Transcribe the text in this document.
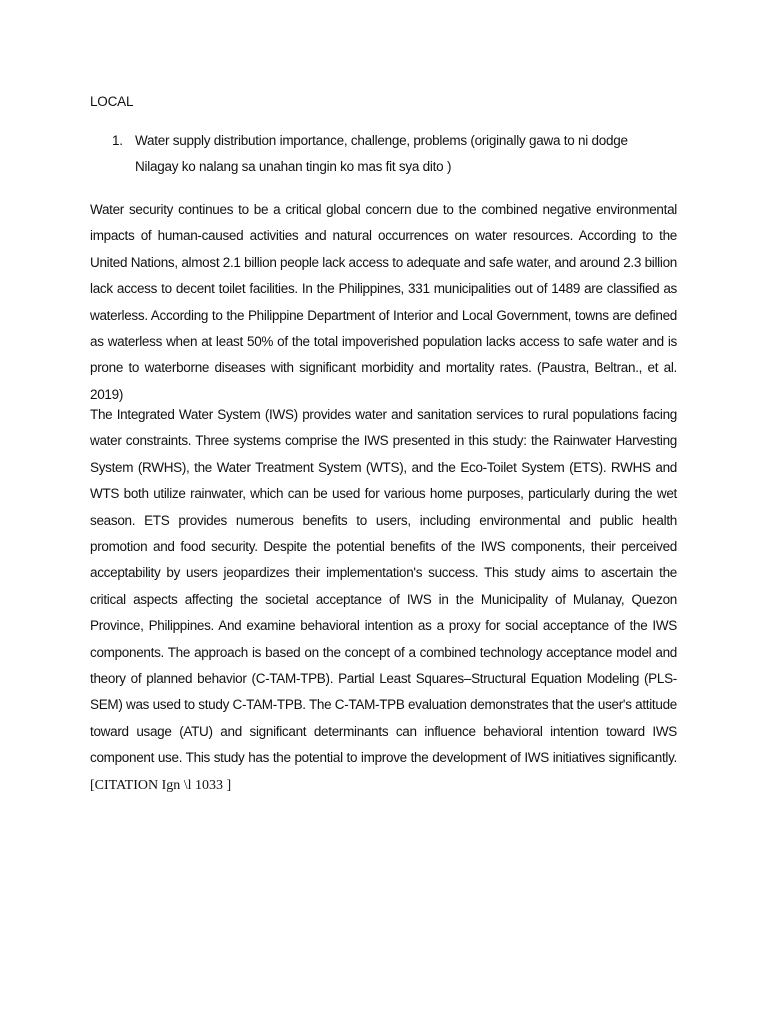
LOCAL
1. Water supply distribution importance, challenge, problems (originally gawa to ni dodge
Nilagay ko nalang sa unahan tingin ko mas fit sya dito )

Water security continues to be a critical global concern due to the combined negative environmental impacts of human-caused activities and natural occurrences on water resources. According to the United Nations, almost 2.1 billion people lack access to adequate and safe water, and around 2.3 billion lack access to decent toilet facilities. In the Philippines, 331 municipalities out of 1489 are classified as waterless. According to the Philippine Department of Interior and Local Government, towns are defined as waterless when at least 50% of the total impoverished population lacks access to safe water and is prone to waterborne diseases with significant morbidity and mortality rates. (Paustra, Beltran., et al. 2019)

The Integrated Water System (IWS) provides water and sanitation services to rural populations facing water constraints. Three systems comprise the IWS presented in this study: the Rainwater Harvesting System (RWHS), the Water Treatment System (WTS), and the Eco-Toilet System (ETS). RWHS and WTS both utilize rainwater, which can be used for various home purposes, particularly during the wet season. ETS provides numerous benefits to users, including environmental and public health promotion and food security. Despite the potential benefits of the IWS components, their perceived acceptability by users jeopardizes their implementation's success. This study aims to ascertain the critical aspects affecting the societal acceptance of IWS in the Municipality of Mulanay, Quezon Province, Philippines. And examine behavioral intention as a proxy for social acceptance of the IWS components. The approach is based on the concept of a combined technology acceptance model and theory of planned behavior (C-TAM-TPB). Partial Least Squares–Structural Equation Modeling (PLS-SEM) was used to study C-TAM-TPB. The C-TAM-TPB evaluation demonstrates that the user's attitude toward usage (ATU) and significant determinants can influence behavioral intention toward IWS component use. This study has the potential to improve the development of IWS initiatives significantly. [CITATION Ign \l 1033 ]
